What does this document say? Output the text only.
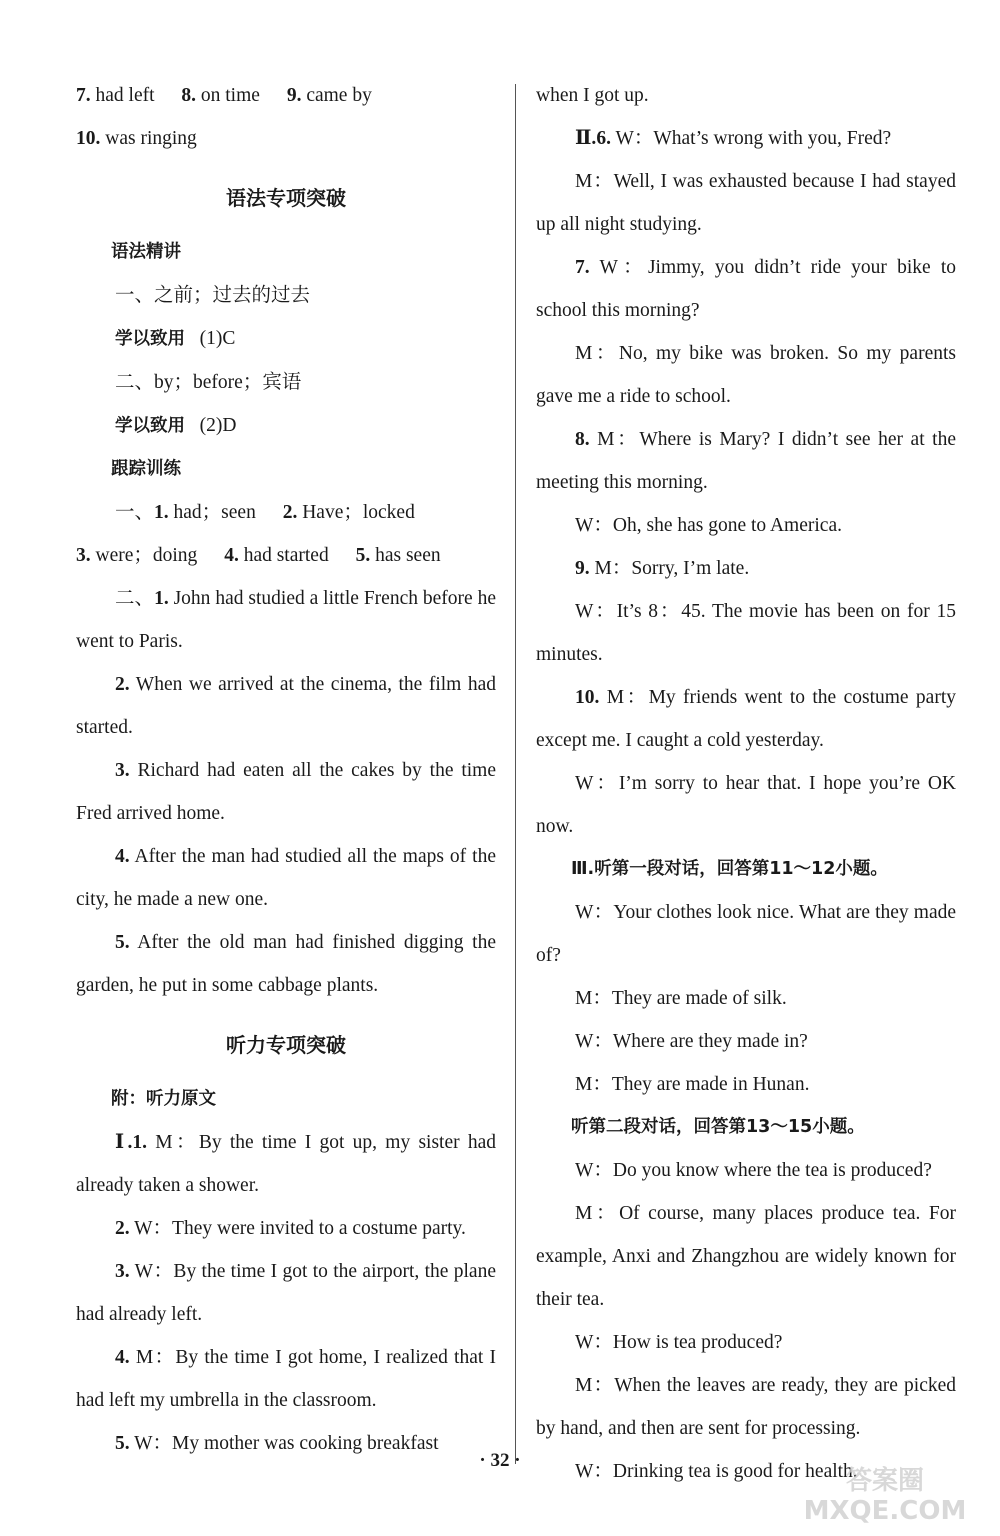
7. had left 8. on time 9. came by

10. was ringing

语法专项突破

语法精讲

一、之前；过去的过去

学以致用 (1)C

二、by；before；宾语

学以致用 (2)D

跟踪训练

一、1. had；seen 2. Have；locked

3. were；doing 4. had started 5. has seen

二、1. John had studied a little French before he went to Paris.

2. When we arrived at the cinema, the film had started.

3. Richard had eaten all the cakes by the time Fred arrived home.

4. After the man had studied all the maps of the city, he made a new one.

5. After the old man had finished digging the garden, he put in some cabbage plants.

听力专项突破

附：听力原文

Ⅰ.1. M：By the time I got up, my sister had already taken a shower.

2. W：They were invited to a costume party.

3. W：By the time I got to the airport, the plane had already left.

4. M：By the time I got home, I realized that I had left my umbrella in the classroom.

5. W：My mother was cooking breakfast

when I got up.

Ⅱ.6. W：What’s wrong with you, Fred?

M：Well, I was exhausted because I had stayed up all night studying.

7. W：Jimmy, you didn’t ride your bike to school this morning?

M：No, my bike was broken. So my parents gave me a ride to school.

8. M：Where is Mary? I didn’t see her at the meeting this morning.

W：Oh, she has gone to America.

9. M：Sorry, I’m late.

W：It’s 8：45. The movie has been on for 15 minutes.

10. M：My friends went to the costume party except me. I caught a cold yesterday.

W：I’m sorry to hear that. I hope you’re OK now.

Ⅲ.听第一段对话，回答第11～12小题。

W：Your clothes look nice. What are they made of?

M：They are made of silk.

W：Where are they made in?

M：They are made in Hunan.

听第二段对话，回答第13～15小题。

W：Do you know where the tea is produced?

M：Of course, many places produce tea. For example, Anxi and Zhangzhou are widely known for their tea.

W：How is tea produced?

M：When the leaves are ready, they are picked by hand, and then are sent for processing.

W：Drinking tea is good for health.

· 32 ·
答案圈
MXQE.COM
